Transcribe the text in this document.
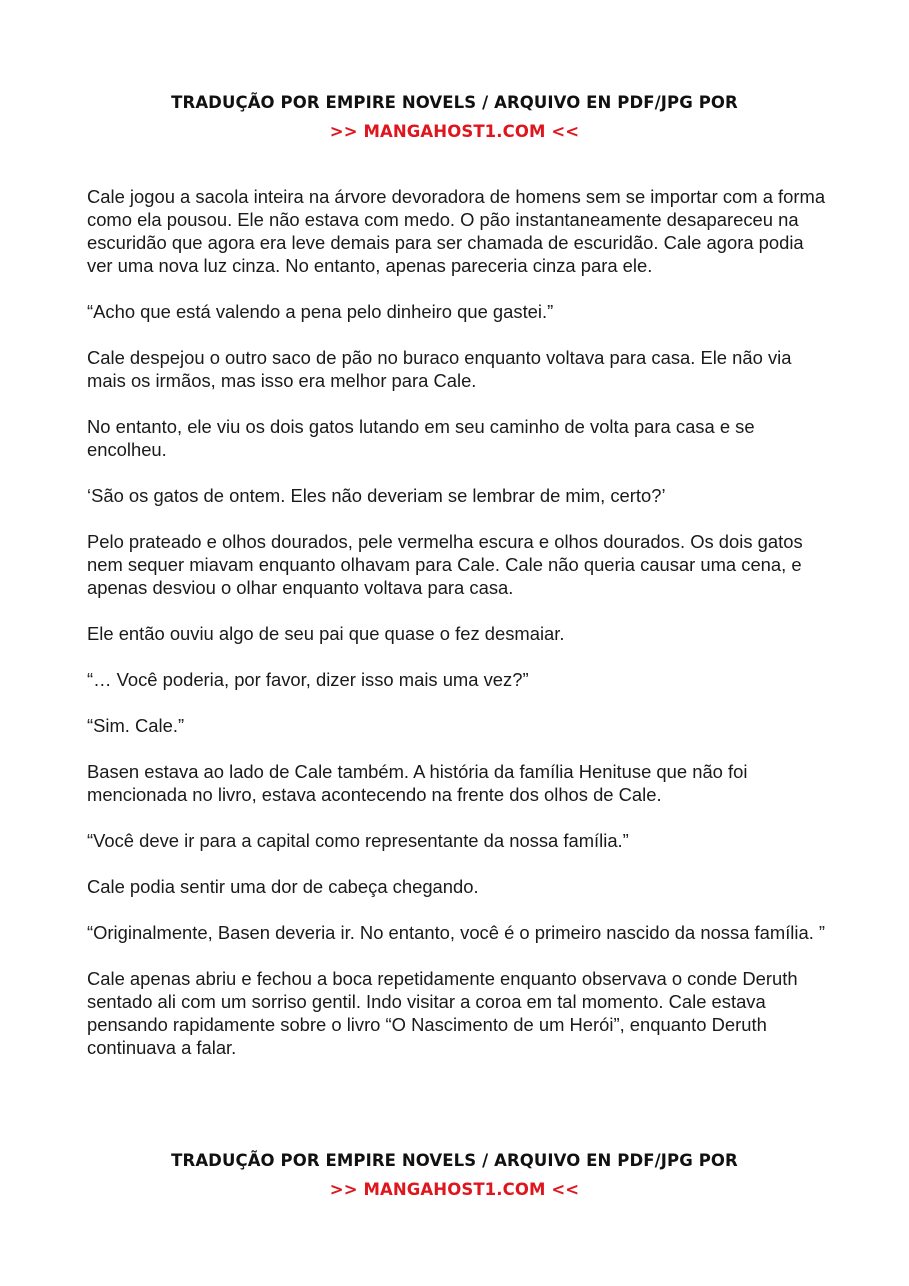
TRADUÇÃO POR EMPIRE NOVELS / ARQUIVO EN PDF/JPG POR
>> MANGAHOST1.COM <<

Cale jogou a sacola inteira na árvore devoradora de homens sem se importar com a forma como ela pousou. Ele não estava com medo. O pão instantaneamente desapareceu na escuridão que agora era leve demais para ser chamada de escuridão. Cale agora podia ver uma nova luz cinza. No entanto, apenas pareceria cinza para ele.

“Acho que está valendo a pena pelo dinheiro que gastei.”

Cale despejou o outro saco de pão no buraco enquanto voltava para casa. Ele não via mais os irmãos, mas isso era melhor para Cale.

No entanto, ele viu os dois gatos lutando em seu caminho de volta para casa e se encolheu.

‘São os gatos de ontem. Eles não deveriam se lembrar de mim, certo?’

Pelo prateado e olhos dourados, pele vermelha escura e olhos dourados. Os dois gatos nem sequer miavam enquanto olhavam para Cale. Cale não queria causar uma cena, e apenas desviou o olhar enquanto voltava para casa.

Ele então ouviu algo de seu pai que quase o fez desmaiar.

“… Você poderia, por favor, dizer isso mais uma vez?”

“Sim. Cale.”

Basen estava ao lado de Cale também. A história da família Henituse que não foi mencionada no livro, estava acontecendo na frente dos olhos de Cale.

“Você deve ir para a capital como representante da nossa família.”

Cale podia sentir uma dor de cabeça chegando.

“Originalmente, Basen deveria ir. No entanto, você é o primeiro nascido da nossa família. ”

Cale apenas abriu e fechou a boca repetidamente enquanto observava o conde Deruth sentado ali com um sorriso gentil. Indo visitar a coroa em tal momento. Cale estava pensando rapidamente sobre o livro “O Nascimento de um Herói”, enquanto Deruth continuava a falar.

TRADUÇÃO POR EMPIRE NOVELS / ARQUIVO EN PDF/JPG POR
>> MANGAHOST1.COM <<
